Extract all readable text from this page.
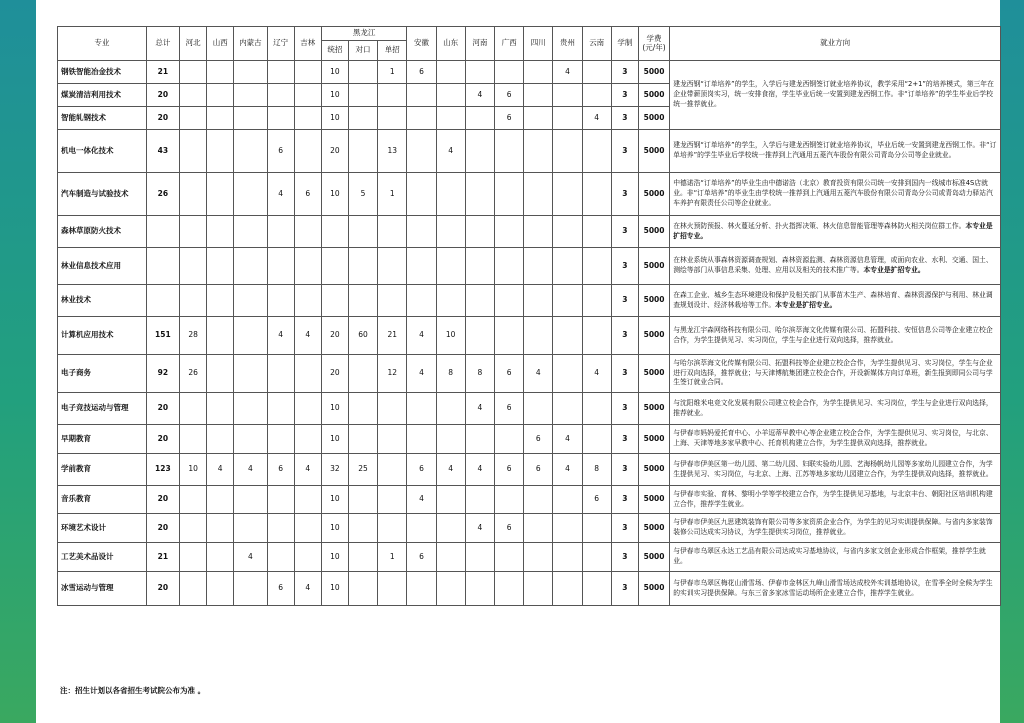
专业	总计	河北	山西	内蒙古	辽宁	吉林	黑龙江			安徽	山东	河南	广西	四川	贵州	云南	学制	学费
(元/年)	就业方向
							统招	对口	单招										
钢铁智能冶金技术	21						10		1	6					4		3	5000	建龙西钢“订单培养”的学生，入学后与建龙西钢签订就业培养协议，教学采用“2+1”的培养模式，第三年在企业带薪顶岗实习，统一安排食宿，学生毕业后统一安置到建龙西钢工作。非“订单培养”的学生毕业后学校统一推荐就业。
煤炭清洁利用技术	20						10					4	6				3	5000	
智能轧钢技术	20						10						6			4	3	5000	
机电一体化技术	43				6		20		13		4						3	5000	建龙西钢“订单培养”的学生，入学后与建龙西钢签订就业培养协议，毕业后统一安置到建龙西钢工作。非“订单培养”的学生毕业后学校统一推荐到上汽通用五菱汽车股份有限公司青岛分公司等企业就业。
汽车制造与试验技术	26				4	6	10	5	1								3	5000	中德诺浩“订单培养”的毕业生由中德诺浩（北京）教育投资有限公司统一安排到国内一线城市标准4S店就业。非“订单培养”的毕业生由学校统一推荐到上汽通用五菱汽车股份有限公司青岛分公司或青岛动力驿站汽车养护有限责任公司等企业就业。
森林草原防火技术																	3	5000	在林火预防预报、林火蔓延分析、扑火指挥决策、林火信息智能管理等森林防火相关岗位群工作。本专业是扩招专业。
林业信息技术应用																	3	5000	在林业系统从事森林资源调查规划、森林资源监测、森林资源信息管理，或面向农业、水利、交通、国土、测绘等部门从事信息采集、处理、应用以及相关的技术推广等。本专业是扩招专业。
林业技术																	3	5000	在森工企业、城乡生态环境建设和保护及相关部门从事苗木生产、森林培育、森林资源保护与利用、林业调查规划设计、经济林栽培等工作。本专业是扩招专业。
计算机应用技术	151	28			4	4	20	60	21	4	10						3	5000	与黑龙江宇森网络科技有限公司、哈尔滨萃海文化传媒有限公司、拓盟科技、安恒信息公司等企业建立校企合作，为学生提供见习、实习岗位，学生与企业进行双向选择，推荐就业。
电子商务	92	26					20		12	4	8	8	6	4		4	3	5000	与哈尔滨萃海文化传媒有限公司、拓盟科技等企业建立校企合作，为学生提供见习、实习岗位，学生与企业进行双向选择，推荐就业；与天津博航集团建立校企合作，开设新媒体方向订单班，新生报到即同公司与学生签订就业合同。
电子竞技运动与管理	20						10					4	6				3	5000	与沈阳维米电竞文化发展有限公司建立校企合作，为学生提供见习、实习岗位，学生与企业进行双向选择，推荐就业。
早期教育	20						10							6	4		3	5000	与伊春市妈妈爱托育中心、小羊逗蒂早教中心等企业建立校企合作，为学生提供见习、实习岗位，与北京、上海、天津等地多家早教中心、托育机构建立合作，为学生提供双向选择，推荐就业。
学前教育	123	10	4	4	6	4	32	25		6	4	4	6	6	4	8	3	5000	与伊春市伊美区第一幼儿园、第二幼儿园、妇联实验幼儿园、艺海杨帆幼儿园等多家幼儿园建立合作，为学生提供见习、实习岗位，与北京、上海、江苏等地多家幼儿园建立合作，为学生提供双向选择，推荐就业。
音乐教育	20						10			4						6	3	5000	与伊春市实验、育林、黎明小学等学校建立合作，为学生提供见习基地，与北京丰台、朝阳社区培训机构建立合作，推荐学生就业。
环境艺术设计	20						10					4	6				3	5000	与伊春市伊美区九思建筑装饰有限公司等多家资质企业合作，为学生的见习实训提供保障。与省内多家装饰装修公司达成实习协议，为学生提供实习岗位，推荐就业。
工艺美术品设计	21			4			10		1	6							3	5000	与伊春市乌翠区永达工艺品有限公司达成实习基地协议，与省内多家文创企业形成合作框架，推荐学生就业。
冰雪运动与管理	20				6	4	10										3	5000	与伊春市乌翠区梅花山滑雪场、伊春市金林区九峰山滑雪场达成校外实训基地协议，在雪季全时全候为学生的实训实习提供保障。与东三省多家冰雪运动场所企业建立合作，推荐学生就业。
注：招生计划以各省招生考试院公布为准 。
